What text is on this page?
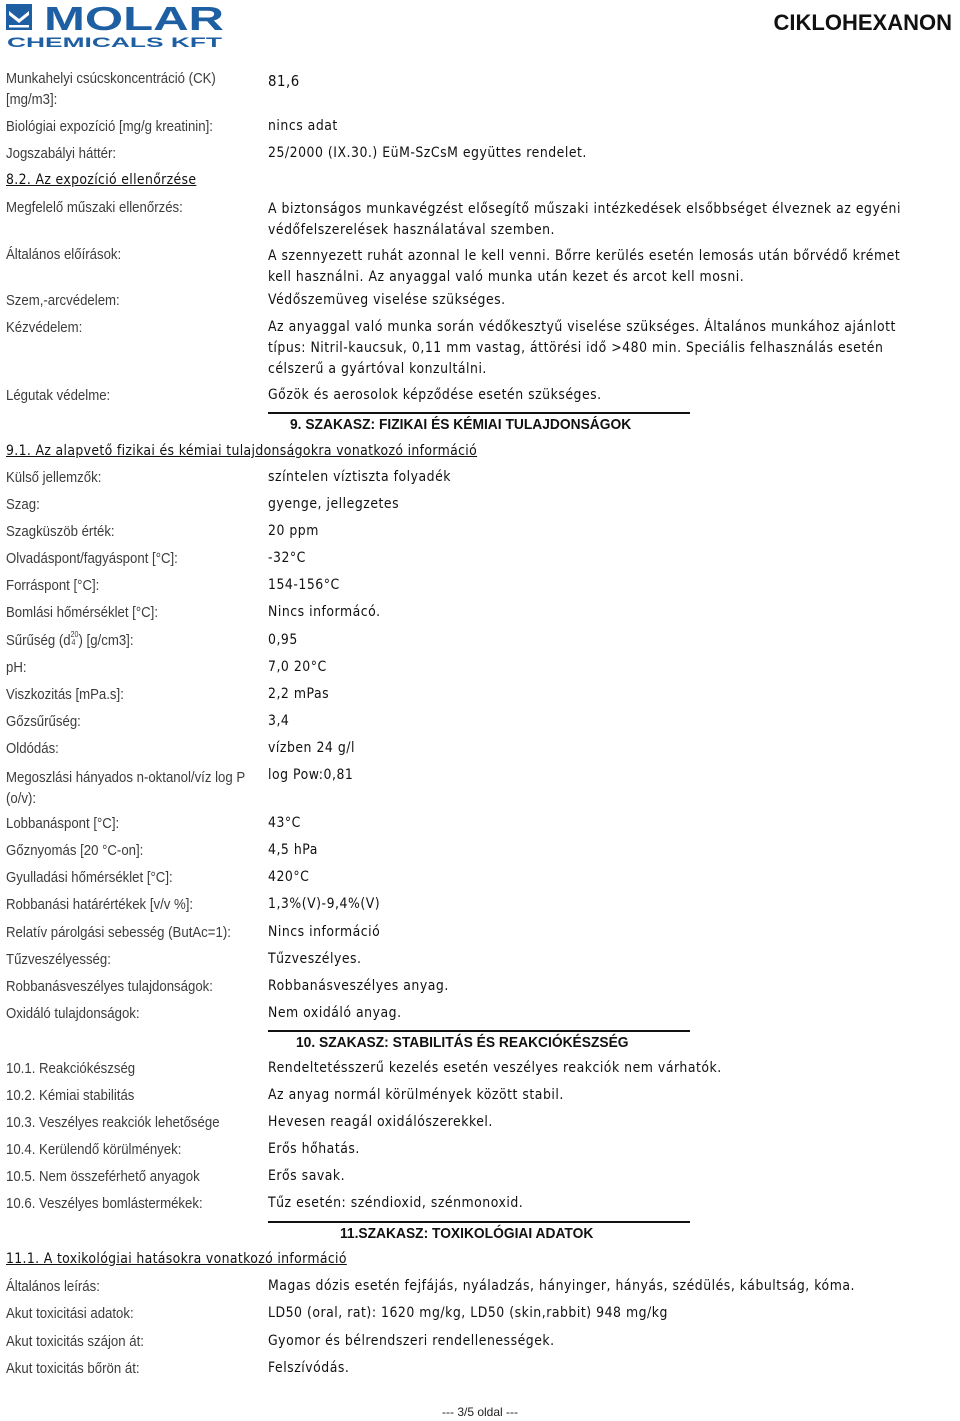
MOLAR
CHEMICALS KFT
CIKLOHEXANON
Munkahelyi csúcskoncentráció (CK)
[mg/m3]:
81,6
Biológiai expozíció [mg/g kreatinin]:	nincs adat
Jogszabályi háttér:	25/2000 (IX.30.) EüM-SzCsM együttes rendelet.
8.2. Az expozíció ellenőrzése
Megfelelő műszaki ellenőrzés:	A biztonságos munkavégzést elősegítő műszaki intézkedések elsőbbséget élveznek az egyéni védőfelszerelések használatával szemben.
Általános előírások:	A szennyezett ruhát azonnal le kell venni. Bőrre kerülés esetén lemosás után bőrvédő krémet kell használni. Az anyaggal való munka után kezet és arcot kell mosni.
Szem,-arcvédelem:	Védőszemüveg viselése szükséges.
Kézvédelem:	Az anyaggal való munka során védőkesztyű viselése szükséges. Általános munkához ajánlott típus: Nitril-kaucsuk, 0,11 mm vastag, áttörési idő >480 min. Speciális felhasználás esetén célszerű a gyártóval konzultálni.
Légutak védelme:	Gőzök és aerosolok képződése esetén szükséges.
9. SZAKASZ: FIZIKAI ÉS KÉMIAI TULAJDONSÁGOK
9.1. Az alapvető fizikai és kémiai tulajdonságokra vonatkozó információ
Külső jellemzők:	színtelen víztiszta folyadék
Szag:	gyenge, jellegzetes
Szagküszöb érték:	20 ppm
Olvadáspont/fagyáspont [°C]:	-32°C
Forráspont [°C]:	154-156°C
Bomlási hőmérséklet [°C]:	Nincs informácó.
Sűrűség (d 20
4 ) [g/cm3]:	0,95
pH:	7,0 20°C
Viszkozitás [mPa.s]:	2,2 mPas
Gőzsűrűség:	3,4
Oldódás:	vízben 24 g/l
Megoszlási hányados n-oktanol/víz log P (o/v):
log Pow:0,81
Lobbanáspont [°C]:	43°C
Gőznyomás [20 °C-on]:	4,5 hPa
Gyulladási hőmérséklet [°C]:	420°C
Robbanási határértékek [v/v %]:	1,3%(V)-9,4%(V)
Relatív párolgási sebesség (ButAc=1):	Nincs információ
Tűzveszélyesség:	Tűzveszélyes.
Robbanásveszélyes tulajdonságok:	Robbanásveszélyes anyag.
Oxidáló tulajdonságok:	Nem oxidáló anyag.
10. SZAKASZ: STABILITÁS ÉS REAKCIÓKÉSZSÉG
10.1. Reakciókészség	Rendeltetésszerű kezelés esetén veszélyes reakciók nem várhatók.
10.2. Kémiai stabilitás	Az anyag normál körülmények között stabil.
10.3. Veszélyes reakciók lehetősége	Hevesen reagál oxidálószerekkel.
10.4. Kerülendő körülmények:	Erős hőhatás.
10.5. Nem összeférhető anyagok	Erős savak.
10.6. Veszélyes bomlástermékek:	Tűz esetén: széndioxid, szénmonoxid.
11.SZAKASZ: TOXIKOLÓGIAI ADATOK
11.1. A toxikológiai hatásokra vonatkozó információ
Általános leírás:	Magas dózis esetén fejfájás, nyáladzás, hányinger, hányás, szédülés, kábultság, kóma.
Akut toxicitási adatok:	LD50 (oral, rat): 1620 mg/kg, LD50 (skin,rabbit) 948 mg/kg
Akut toxicitás szájon át:	Gyomor és bélrendszeri rendellenességek.
Akut toxicitás bőrön át:	Felszívódás.
--- 3/5 oldal ---
